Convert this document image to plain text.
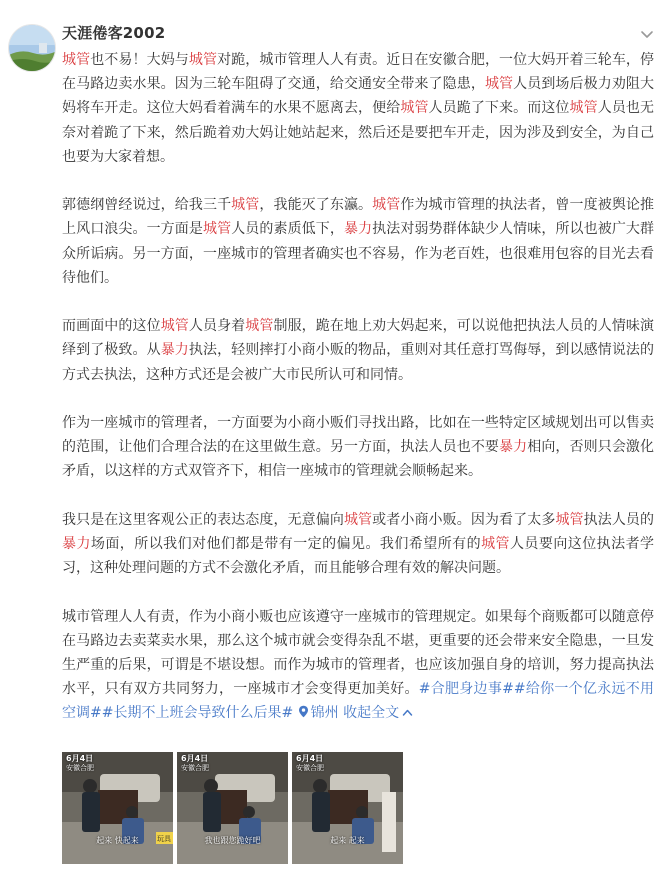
天涯倦客2002
城管也不易！大妈与城管对跪，城市管理人人有责。近日在安徽合肥，一位大妈开着三轮车，停在马路边卖水果。因为三轮车阻碍了交通，给交通安全带来了隐患，城管人员到场后极力劝阻大妈将车开走。这位大妈看着满车的水果不愿离去，便给城管人员跪了下来。而这位城管人员也无奈对着跪了下来，然后跪着劝大妈让她站起来，然后还是要把车开走，因为涉及到安全，为自己也要为大家着想。
郭德纲曾经说过，给我三千城管，我能灭了东瀛。城管作为城市管理的执法者，曾一度被舆论推上风口浪尖。一方面是城管人员的素质低下，暴力执法对弱势群体缺少人情味，所以也被广大群众所诟病。另一方面，一座城市的管理者确实也不容易，作为老百姓，也很难用包容的目光去看待他们。
而画面中的这位城管人员身着城管制服，跪在地上劝大妈起来，可以说他把执法人员的人情味演绎到了极致。从暴力执法，轻则摔打小商小贩的物品，重则对其任意打骂侮辱，到以感情说法的方式去执法，这种方式还是会被广大市民所认可和同情。
作为一座城市的管理者，一方面要为小商小贩们寻找出路，比如在一些特定区域规划出可以售卖的范围，让他们合理合法的在这里做生意。另一方面，执法人员也不要暴力相向，否则只会激化矛盾，以这样的方式双管齐下，相信一座城市的管理就会顺畅起来。
我只是在这里客观公正的表达态度，无意偏向城管或者小商小贩。因为看了太多城管执法人员的暴力场面，所以我们对他们都是带有一定的偏见。我们希望所有的城管人员要向这位执法者学习，这种处理问题的方式不会激化矛盾，而且能够合理有效的解决问题。
城市管理人人有责，作为小商小贩也应该遵守一座城市的管理规定。如果每个商贩都可以随意停在马路边去卖菜卖水果，那么这个城市就会变得杂乱不堪，更重要的还会带来安全隐患，一旦发生严重的后果，可谓是不堪设想。而作为城市的管理者，也应该加强自身的培训，努力提高执法水平，只有双方共同努力，一座城市才会变得更加美好。#合肥身边事##给你一个亿永远不用空调##长期不上班会导致什么后果# 锦州 收起全文
6月4日
安徽合肥
起来 快起来	玩具
6月4日
安徽合肥
我也跟您跪好吧
6月4日
安徽合肥
起来 起来
